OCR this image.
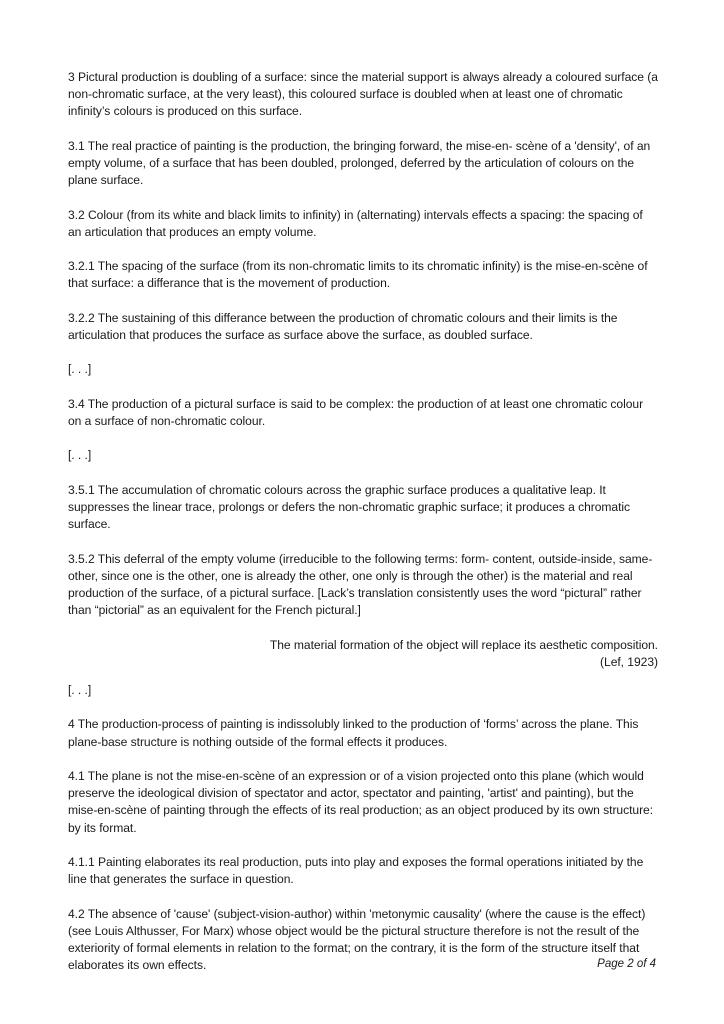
3 Pictural production is doubling of a surface: since the material support is always already a coloured surface (a non-chromatic surface, at the very least), this coloured surface is doubled when at least one of chromatic infinity’s colours is produced on this surface.

3.1 The real practice of painting is the production, the bringing forward, the mise-en- scène of a 'density', of an empty volume, of a surface that has been doubled, prolonged, deferred by the articulation of colours on the plane surface.

3.2 Colour (from its white and black limits to infinity) in (alternating) intervals effects a spacing: the spacing of an articulation that produces an empty volume.

3.2.1 The spacing of the surface (from its non-chromatic limits to its chromatic infinity) is the mise-en-scène of that surface: a differance that is the movement of production.

3.2.2 The sustaining of this differance between the production of chromatic colours and their limits is the articulation that produces the surface as surface above the surface, as doubled surface.

[. . .]

3.4 The production of a pictural surface is said to be complex: the production of at least one chromatic colour on a surface of non-chromatic colour.

[. . .]

3.5.1 The accumulation of chromatic colours across the graphic surface produces a qualitative leap. It suppresses the linear trace, prolongs or defers the non-chromatic graphic surface; it produces a chromatic surface.

3.5.2 This deferral of the empty volume (irreducible to the following terms: form- content, outside-inside, same-other, since one is the other, one is already the other, one only is through the other) is the material and real production of the surface, of a pictural surface. [Lack’s translation consistently uses the word “pictural” rather than “pictorial” as an equivalent for the French pictural.]

The material formation of the object will replace its aesthetic composition.

(Lef, 1923)

[. . .]

4 The production-process of painting is indissolubly linked to the production of ‘forms’ across the plane. This plane-base structure is nothing outside of the formal effects it produces.

4.1 The plane is not the mise-en-scène of an expression or of a vision projected onto this plane (which would preserve the ideological division of spectator and actor, spectator and painting, 'artist' and painting), but the mise-en-scène of painting through the effects of its real production; as an object produced by its own structure: by its format.

4.1.1 Painting elaborates its real production, puts into play and exposes the formal operations initiated by the line that generates the surface in question.

4.2 The absence of 'cause' (subject-vision-author) within 'metonymic causality' (where the cause is the effect) (see Louis Althusser, For Marx) whose object would be the pictural structure therefore is not the result of the exteriority of formal elements in relation to the format; on the contrary, it is the form of the structure itself that elaborates its own effects.	Page 2 of 4
